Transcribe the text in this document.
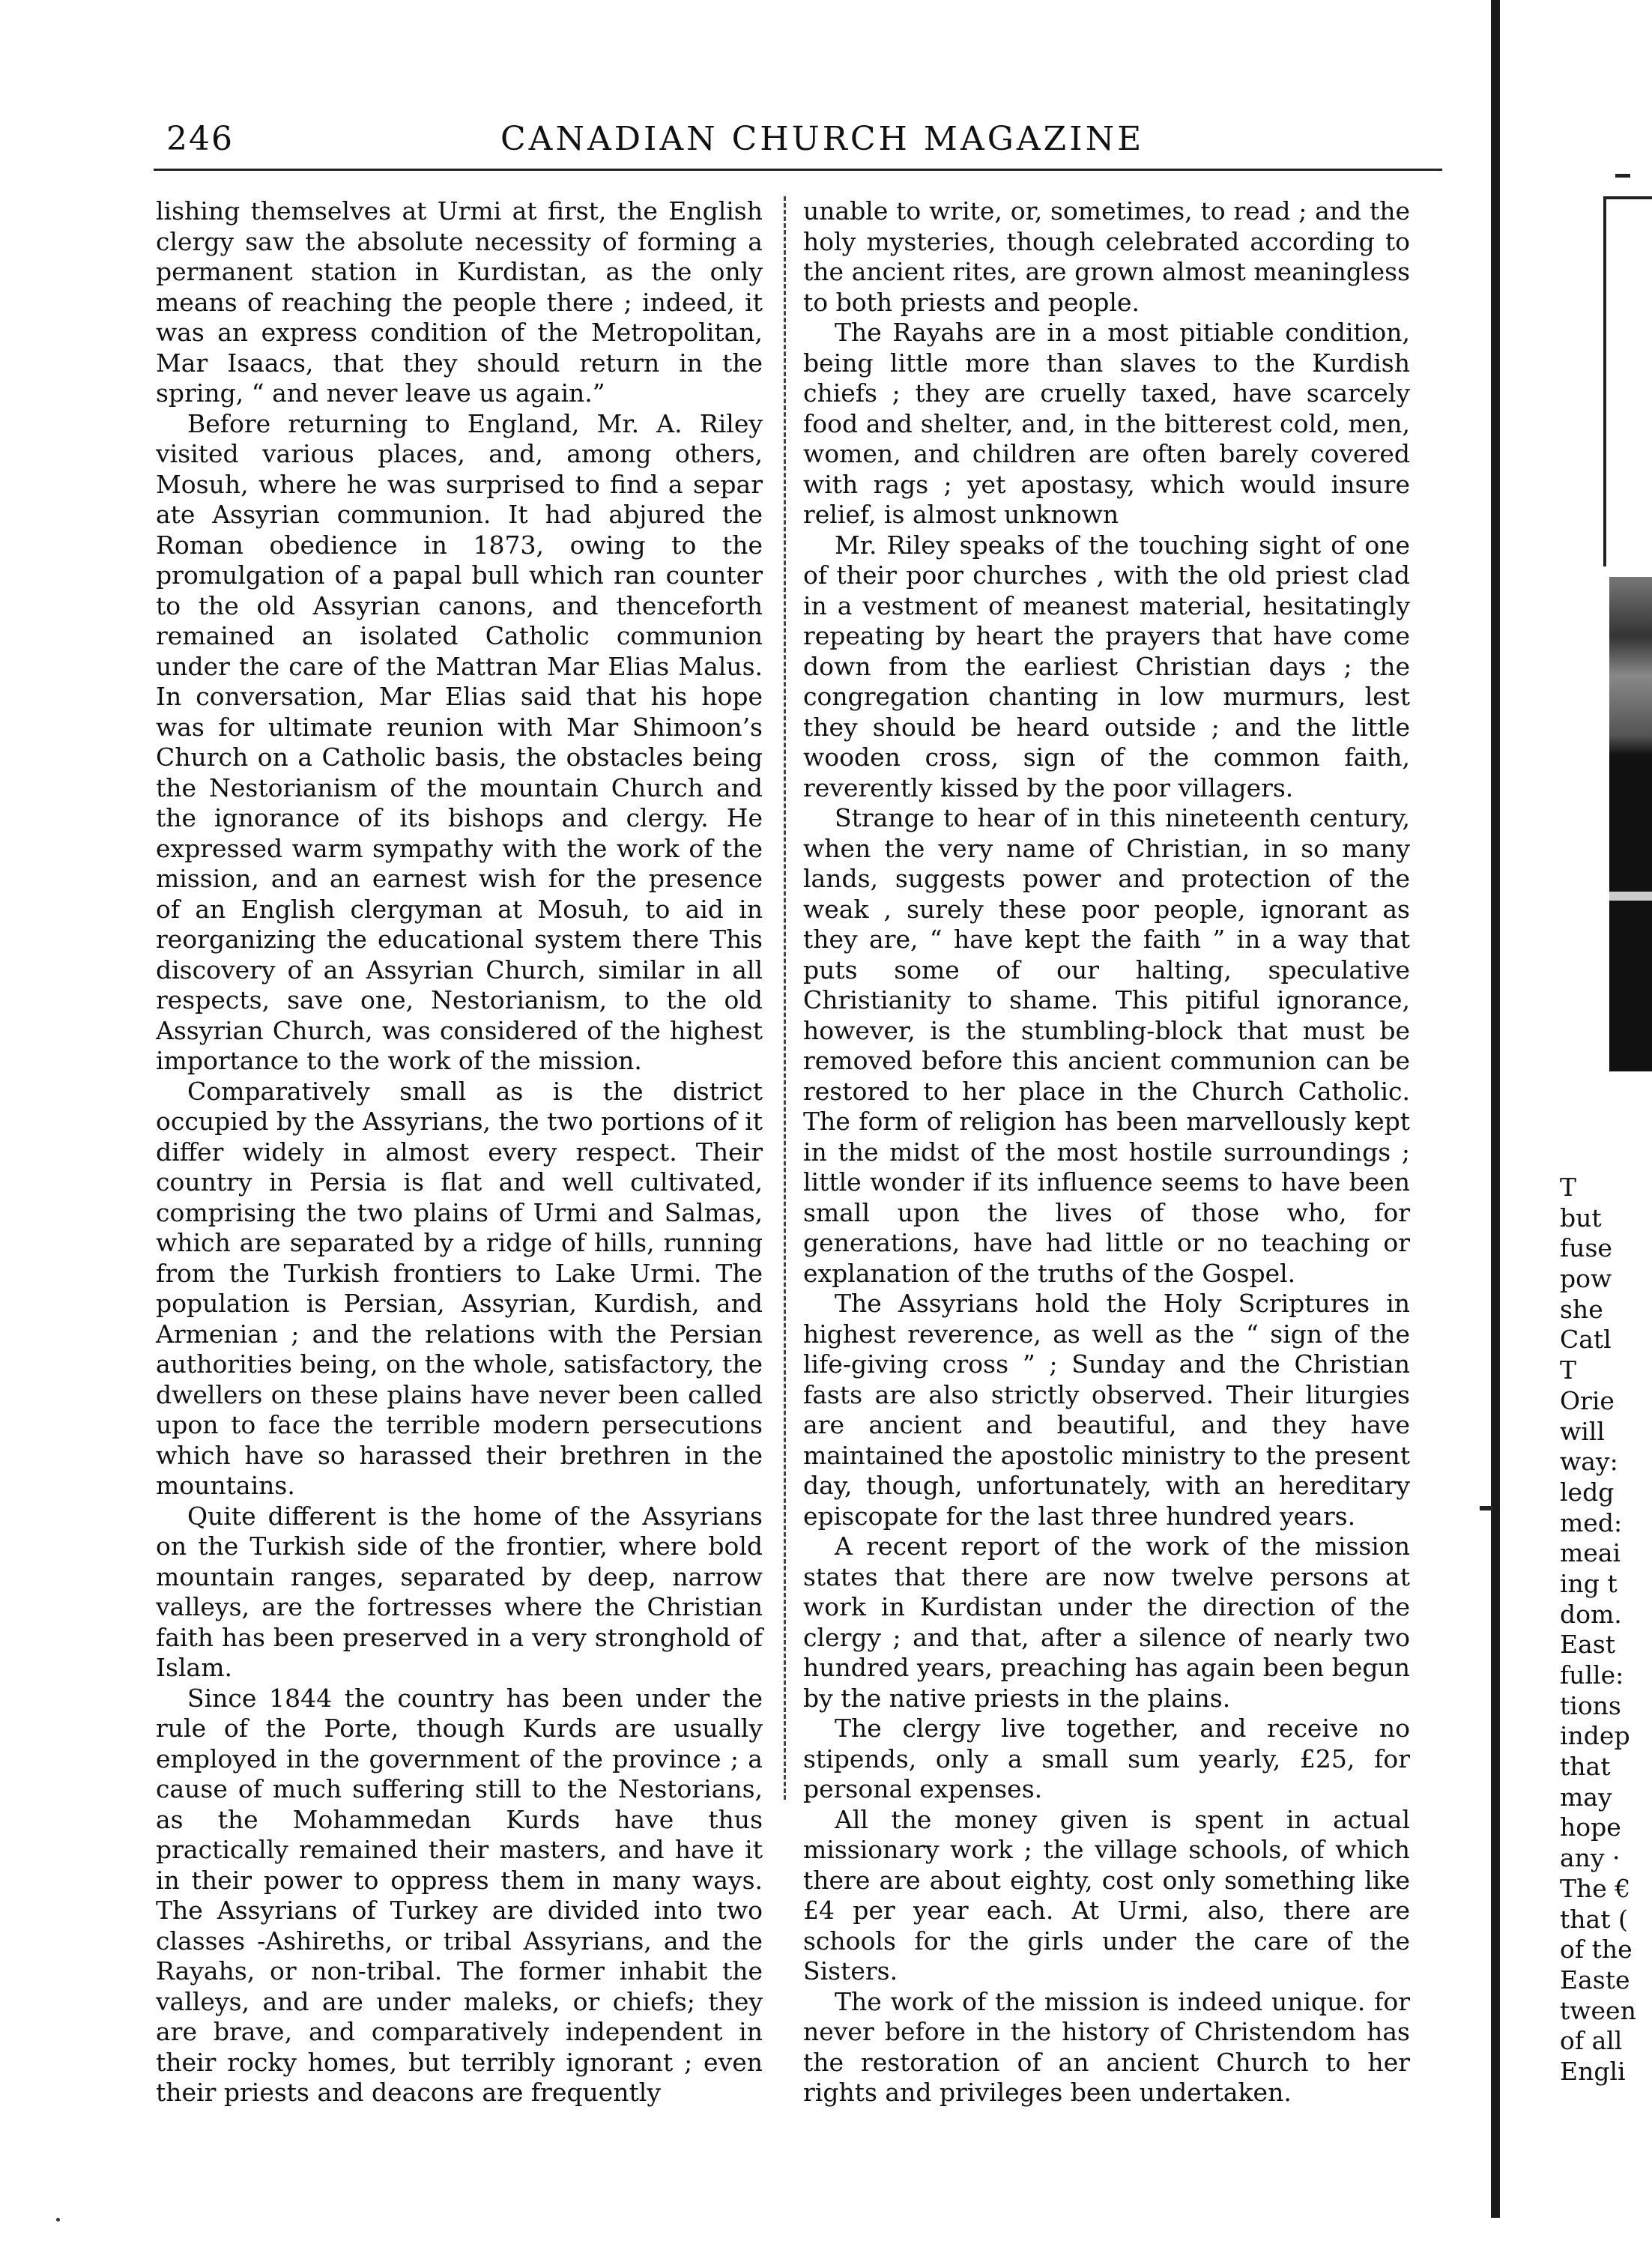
246	CANADIAN CHURCH MAGAZINE

lishing themselves at Urmi at first, the English clergy saw the absolute necessity of forming a permanent station in Kurdistan, as the only means of reaching the people there ; indeed, it was an express condition of the Metropolitan, Mar Isaacs, that they should return in the spring, “ and never leave us again.”

Before returning to England, Mr. A. Riley visited various places, and, among others, Mosuh, where he was surprised to find a separ ate Assyrian communion. It had abjured the Roman obedience in 1873, owing to the promulgation of a papal bull which ran counter to the old Assyrian canons, and thenceforth remained an isolated Catholic communion under the care of the Mattran Mar Elias Malus. In conversation, Mar Elias said that his hope was for ultimate reunion with Mar Shimoon’s Church on a Catholic basis, the obstacles being the Nestorianism of the mountain Church and the ignorance of its bishops and clergy. He expressed warm sympathy with the work of the mission, and an earnest wish for the presence of an English clergyman at Mosuh, to aid in reorganizing the educational system there This discovery of an Assyrian Church, similar in all respects, save one, Nestorianism, to the old Assyrian Church, was considered of the highest importance to the work of the mission.

Comparatively small as is the district occupied by the Assyrians, the two portions of it differ widely in almost every respect. Their country in Persia is flat and well cultivated, comprising the two plains of Urmi and Salmas, which are separated by a ridge of hills, running from the Turkish frontiers to Lake Urmi. The population is Persian, Assyrian, Kurdish, and Armenian ; and the relations with the Persian authorities being, on the whole, satisfactory, the dwellers on these plains have never been called upon to face the terrible modern persecutions which have so harassed their brethren in the mountains.

Quite different is the home of the Assyrians on the Turkish side of the frontier, where bold mountain ranges, separated by deep, narrow valleys, are the fortresses where the Christian faith has been preserved in a very stronghold of Islam.

Since 1844 the country has been under the rule of the Porte, though Kurds are usually employed in the government of the province ; a cause of much suffering still to the Nestorians, as the Mohammedan Kurds have thus practically remained their masters, and have it in their power to oppress them in many ways. The Assyrians of Turkey are divided into two classes -Ashireths, or tribal Assyrians, and the Rayahs, or non-tribal. The former inhabit the valleys, and are under maleks, or chiefs; they are brave, and comparatively independent in their rocky homes, but terribly ignorant ; even their priests and deacons are frequently

unable to write, or, sometimes, to read ; and the holy mysteries, though celebrated according to the ancient rites, are grown almost meaningless to both priests and people.

The Rayahs are in a most pitiable condition, being little more than slaves to the Kurdish chiefs ; they are cruelly taxed, have scarcely food and shelter, and, in the bitterest cold, men, women, and children are often barely covered with rags ; yet apostasy, which would insure relief, is almost unknown

Mr. Riley speaks of the touching sight of one of their poor churches , with the old priest clad in a vestment of meanest material, hesitatingly repeating by heart the prayers that have come down from the earliest Christian days ; the congregation chanting in low murmurs, lest they should be heard outside ; and the little wooden cross, sign of the common faith, reverently kissed by the poor villagers.

Strange to hear of in this nineteenth century, when the very name of Christian, in so many lands, suggests power and protection of the weak , surely these poor people, ignorant as they are, “ have kept the faith ” in a way that puts some of our halting, speculative Christianity to shame. This pitiful ignorance, however, is the stumbling-block that must be removed before this ancient communion can be restored to her place in the Church Catholic. The form of religion has been marvellously kept in the midst of the most hostile surroundings ; little wonder if its influence seems to have been small upon the lives of those who, for generations, have had little or no teaching or explanation of the truths of the Gospel.

The Assyrians hold the Holy Scriptures in highest reverence, as well as the “ sign of the life-giving cross ” ; Sunday and the Christian fasts are also strictly observed. Their liturgies are ancient and beautiful, and they have maintained the apostolic ministry to the present day, though, unfortunately, with an hereditary episcopate for the last three hundred years.

A recent report of the work of the mission states that there are now twelve persons at work in Kurdistan under the direction of the clergy ; and that, after a silence of nearly two hundred years, preaching has again been begun by the native priests in the plains.

The clergy live together, and receive no stipends, only a small sum yearly, £25, for personal expenses.

All the money given is spent in actual missionary work ; the village schools, of which there are about eighty, cost only something like £4 per year each. At Urmi, also, there are schools for the girls under the care of the Sisters.

The work of the mission is indeed unique. for never before in the history of Christendom has the restoration of an ancient Church to her rights and privileges been undertaken.

T
but
fuse
pow
she
Catl
T
Orie
will
way:
ledg
med:
meai
ing t
dom.
East
fulle:
tions
indep
that
may
hope
any ·
The €
that (
of the
Easte
tween
of all
Engli
